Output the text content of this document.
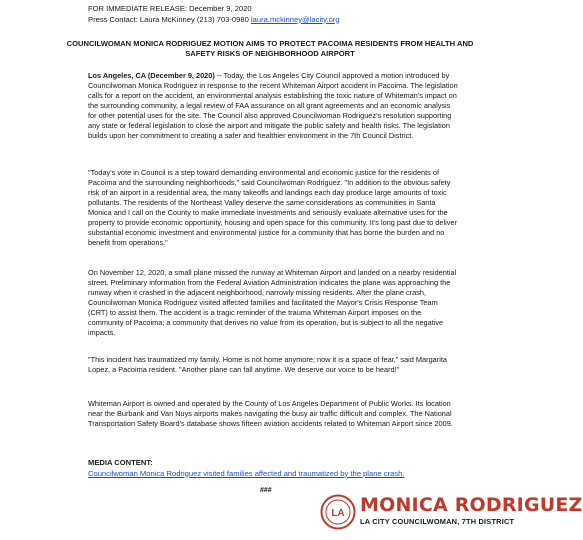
FOR IMMEDIATE RELEASE: December 9, 2020
Press Contact: Laura McKinney (213) 703-0980 laura.mckinney@lacity.org
COUNCILWOMAN MONICA RODRIGUEZ MOTION AIMS TO PROTECT PACOIMA RESIDENTS FROM HEALTH AND SAFETY RISKS OF NEIGHBORHOOD AIRPORT

Los Angeles, CA (December 9, 2020) -- Today, the Los Angeles City Council approved a motion introduced by Councilwoman Monica Rodriguez in response to the recent Whiteman Airport accident in Pacoima. The legislation calls for a report on the accident, an environmental analysis establishing the toxic nature of Whiteman's impact on the surrounding community, a legal review of FAA assurance on all grant agreements and an economic analysis for other potential uses for the site. The Council also approved Councilwoman Rodriguez's resolution supporting any state or federal legislation to close the airport and mitigate the public safety and health risks. The legislation builds upon her commitment to creating a safer and healthier environment in the 7th Council District.

"Today's vote in Council is a step toward demanding environmental and economic justice for the residents of Pacoima and the surrounding neighborhoods," said Councilwoman Rodriguez. "In addition to the obvious safety risk of an airport in a residential area, the many takeoffs and landings each day produce large amounts of toxic pollutants. The residents of the Northeast Valley deserve the same considerations as communities in Santa Monica and I call on the County to make immediate investments and seriously evaluate alternative uses for the property to provide economic opportunity, housing and open space for this community. It's long past due to deliver substantial economic investment and environmental justice for a community that has borne the burden and no benefit from operations."

On November 12, 2020, a small plane missed the runway at Whiteman Airport and landed on a nearby residential street. Preliminary information from the Federal Aviation Administration indicates the plane was approaching the runway when it crashed in the adjacent neighborhood, narrowly missing residents. After the plane crash, Councilwoman Monica Rodriguez visited affected families and facilitated the Mayor's Crisis Response Team (CRT) to assist them. The accident is a tragic reminder of the trauma Whiteman Airport imposes on the community of Pacoima; a community that derives no value from its operation, but is subject to all the negative impacts.

"This incident has traumatized my family. Home is not home anymore; now it is a space of fear," said Margarita Lopez, a Pacoima resident. "Another plane can fall anytime. We deserve our voice to be heard!"

Whiteman Airport is owned and operated by the County of Los Angeles Department of Public Works. Its location near the Burbank and Van Nuys airports makes navigating the busy air traffic difficult and complex. The National Transportation Safety Board's database shows fifteen aviation accidents related to Whiteman Airport since 2009.

MEDIA CONTENT:
Councilwoman Monica Rodriguez visited families affected and traumatized by the plane crash.
###
LA MONICA RODRIGUEZ
LA CITY COUNCILWOMAN, 7TH DISTRICT
